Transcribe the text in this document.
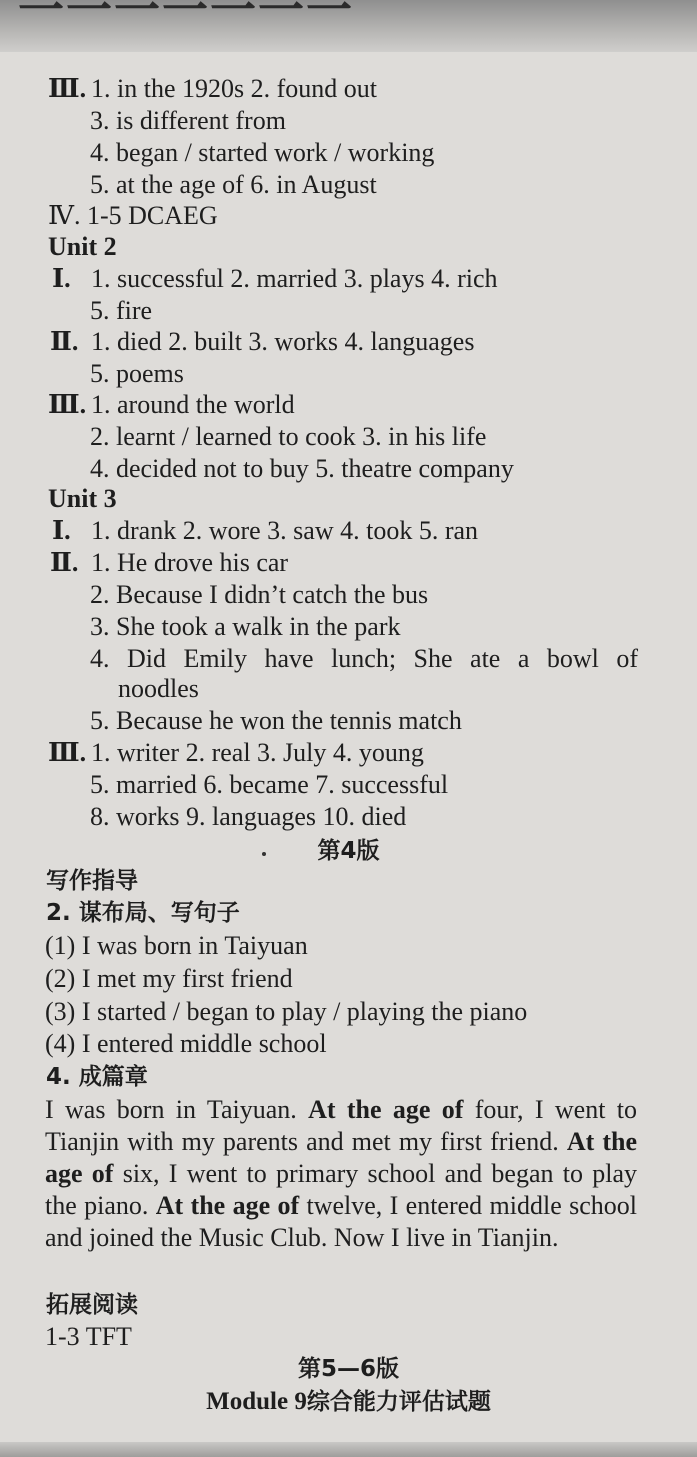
一一一一一一一
Ⅲ. 1. in the 1920s 2. found out
3. is different from
4. began / started work / working
5. at the age of 6. in August
Ⅳ. 1-5 DCAEG
Unit 2
Ⅰ. 1. successful 2. married 3. plays 4. rich
5. fire
Ⅱ. 1. died 2. built 3. works 4. languages
5. poems
Ⅲ. 1. around the world
2. learnt / learned to cook 3. in his life
4. decided not to buy 5. theatre company
Unit 3
Ⅰ. 1. drank 2. wore 3. saw 4. took 5. ran
Ⅱ. 1. He drove his car
2. Because I didn’t catch the bus
3. She took a walk in the park
4. Did Emily have lunch; She ate a bowl of
noodles
5. Because he won the tennis match
Ⅲ. 1. writer 2. real 3. July 4. young
5. married 6. became 7. successful
8. works 9. languages 10. died
第4版
写作指导
2. 谋布局、写句子
(1) I was born in Taiyuan
(2) I met my first friend
(3) I started / began to play / playing the piano
(4) I entered middle school
4. 成篇章
I was born in Taiyuan. At the age of four, I went to Tianjin with my parents and met my first friend. At the age of six, I went to primary school and began to play the piano. At the age of twelve, I entered middle school and joined the Music Club. Now I live in Tianjin.
拓展阅读
1-3 TFT
第5—6版
Module 9综合能力评估试题
